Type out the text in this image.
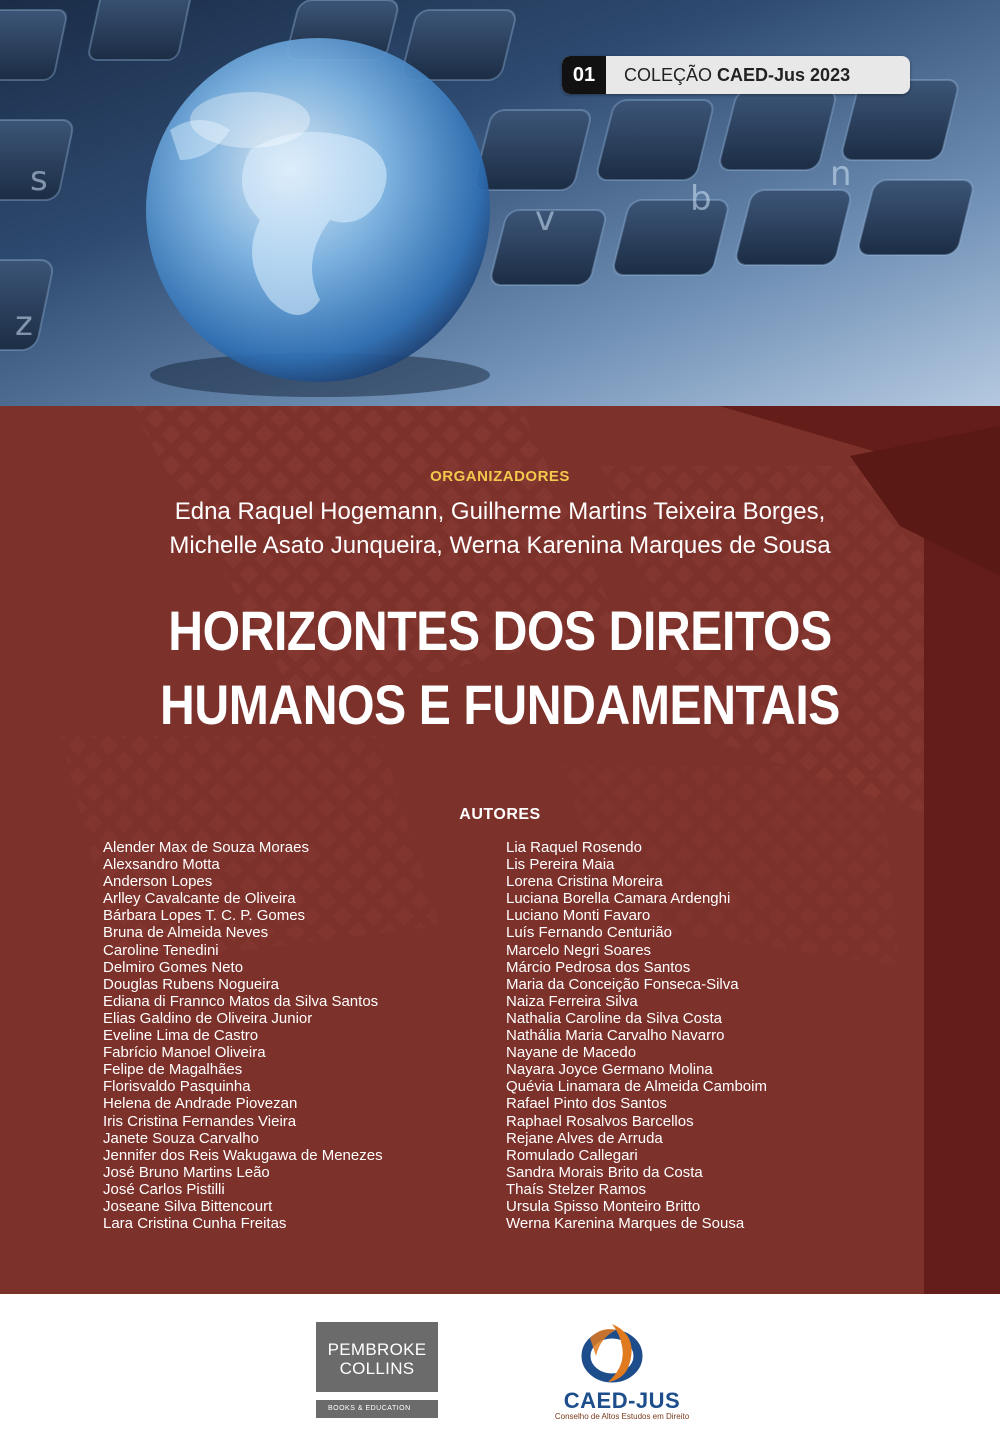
s
z
v	b
n
01	COLEÇÃO CAED-Jus 2023
ORGANIZADORES
Edna Raquel Hogemann, Guilherme Martins Teixeira Borges,
Michelle Asato Junqueira, Werna Karenina Marques de Sousa
HORIZONTES DOS DIREITOS
HUMANOS E FUNDAMENTAIS
AUTORES
Alender Max de Souza Moraes
Alexsandro Motta
Anderson Lopes
Arlley Cavalcante de Oliveira
Bárbara Lopes T. C. P. Gomes
Bruna de Almeida Neves
Caroline Tenedini
Delmiro Gomes Neto
Douglas Rubens Nogueira
Ediana di Frannco Matos da Silva Santos
Elias Galdino de Oliveira Junior
Eveline Lima de Castro
Fabrício Manoel Oliveira
Felipe de Magalhães
Florisvaldo Pasquinha
Helena de Andrade Piovezan
Iris Cristina Fernandes Vieira
Janete Souza Carvalho
Jennifer dos Reis Wakugawa de Menezes
José Bruno Martins Leão
José Carlos Pistilli
Joseane Silva Bittencourt
Lara Cristina Cunha Freitas
Lia Raquel Rosendo
Lis Pereira Maia
Lorena Cristina Moreira
Luciana Borella Camara Ardenghi
Luciano Monti Favaro
Luís Fernando Centurião
Marcelo Negri Soares
Márcio Pedrosa dos Santos
Maria da Conceição Fonseca-Silva
Naiza Ferreira Silva
Nathalia Caroline da Silva Costa
Nathália Maria Carvalho Navarro
Nayane de Macedo
Nayara Joyce Germano Molina
Quévia Linamara de Almeida Camboim
Rafael Pinto dos Santos
Raphael Rosalvos Barcellos
Rejane Alves de Arruda
Romulado Callegari
Sandra Morais Brito da Costa
Thaís Stelzer Ramos
Ursula Spisso Monteiro Britto
Werna Karenina Marques de Sousa
PEMBROKE
COLLINS
BOOKS & EDUCATION	CAED-JUS
Conselho de Altos Estudos em Direito
